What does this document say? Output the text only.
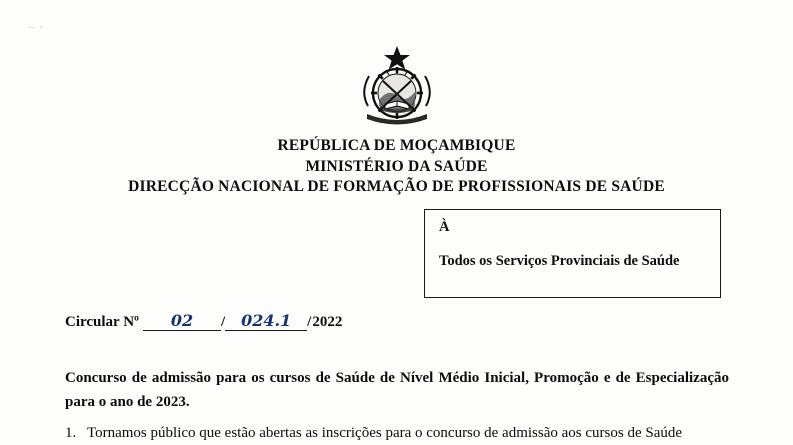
~ -
REPÚBLICA DE MOÇAMBIQUE
MINISTÉRIO DA SAÚDE
DIRECÇÃO NACIONAL DE FORMAÇÃO DE PROFISSIONAIS DE SAÚDE
À
Todos os Serviços Provinciais de Saúde
Circular Nº	02	/ 024.1	/ 2022
Concurso de admissão para os cursos de Saúde de Nível Médio Inicial, Promoção e de Especialização para o ano de 2023.
1. Tornamos público que estão abertas as inscrições para o concurso de admissão aos cursos de Saúde
